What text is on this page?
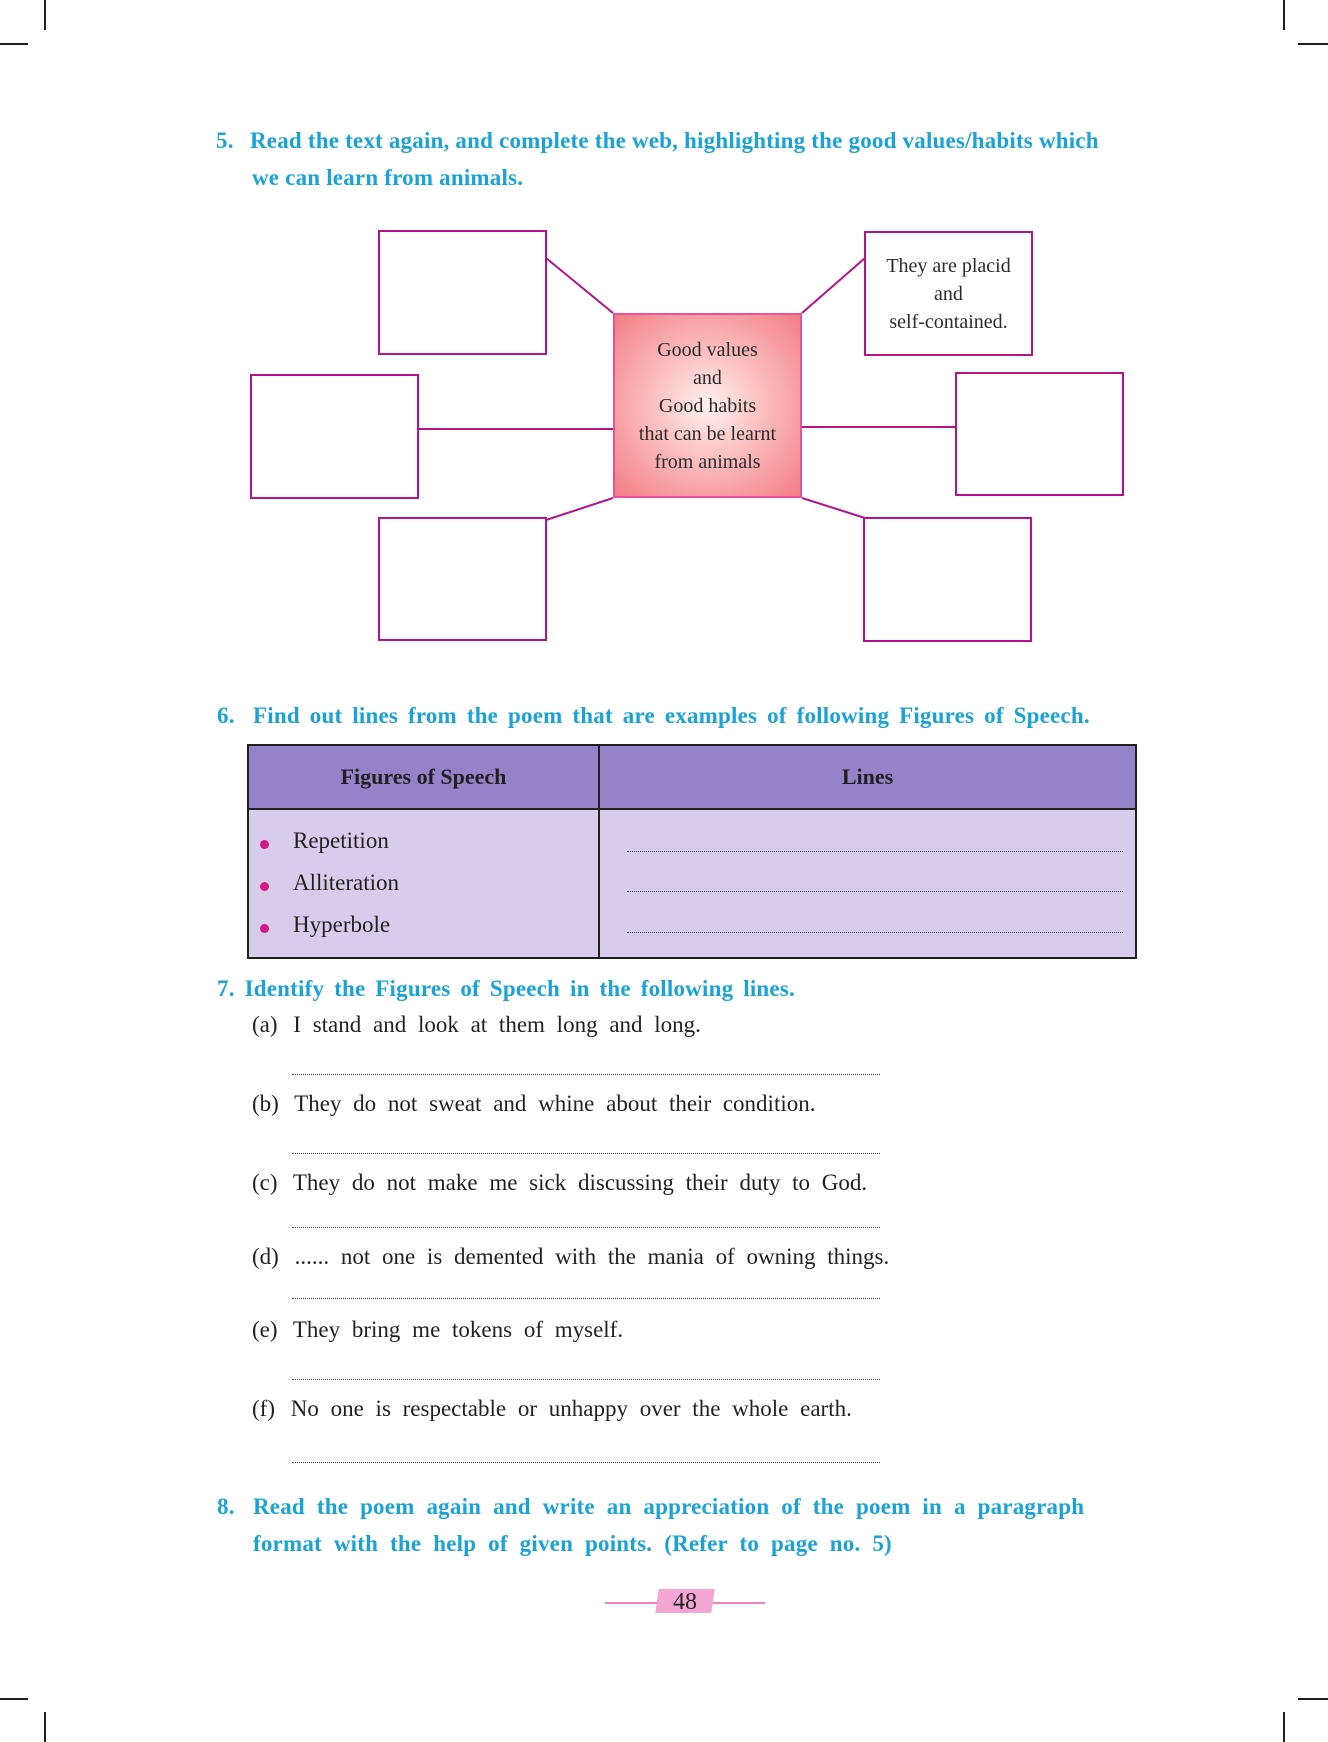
5. Read the text again, and complete the web, highlighting the good values/habits which
we can learn from animals.
They are placid
and
self-contained.
Good values
and
Good habits
that can be learnt
from animals
6. Find out lines from the poem that are examples of following Figures of Speech.
Figures of Speech	Lines
Repetition
Alliteration
Hyperbole
7. Identify the Figures of Speech in the following lines.
(a) I stand and look at them long and long.
(b) They do not sweat and whine about their condition.
(c) They do not make me sick discussing their duty to God.
(d) ...... not one is demented with the mania of owning things.
(e) They bring me tokens of myself.
(f) No one is respectable or unhappy over the whole earth.
8. Read the poem again and write an appreciation of the poem in a paragraph
format with the help of given points. (Refer to page no. 5)
48
